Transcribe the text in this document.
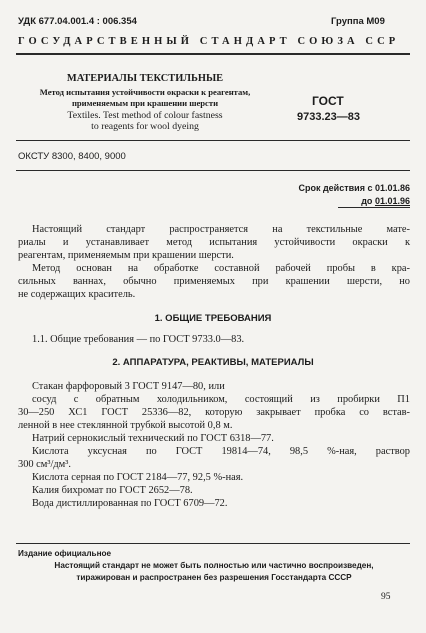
УДК 677.04.001.4 : 006.354	Группа М09
ГОСУДАРСТВЕННЫЙ СТАНДАРТ СОЮЗА ССР
МАТЕРИАЛЫ ТЕКСТИЛЬНЫЕ
Метод испытания устойчивости окраски к реагентам,
применяемым при крашении шерсти
Textiles. Test method of colour fastness
to reagents for wool dyeing
ГОСТ
9733.23—83
ОКСТУ 8300, 8400, 9000
Срок действия с 01.01.86
до 01.01.96
Настоящий стандарт распространяется на текстильные мате-
риалы и устанавливает метод испытания устойчивости окраски к
реагентам, применяемым при крашении шерсти.
Метод основан на обработке составной рабочей пробы в кра-
сильных ваннах, обычно применяемых при крашении шерсти, но
не содержащих краситель.
1. ОБЩИЕ ТРЕБОВАНИЯ
1.1. Общие требования — по ГОСТ 9733.0—83.
2. АППАРАТУРА, РЕАКТИВЫ, МАТЕРИАЛЫ
Стакан фарфоровый 3 ГОСТ 9147—80, или
сосуд с обратным холодильником, состоящий из пробирки П1
30—250 ХС1 ГОСТ 25336—82, которую закрывает пробка со встав-
ленной в нее стеклянной трубкой высотой 0,8 м.
Натрий сернокислый технический по ГОСТ 6318—77.
Кислота уксусная по ГОСТ 19814—74, 98,5 %-ная, раствор
300 см³/дм³.
Кислота серная по ГОСТ 2184—77, 92,5 %-ная.
Калия бихромат по ГОСТ 2652—78.
Вода дистиллированная по ГОСТ 6709—72.
Издание официальное
Настоящий стандарт не может быть полностью или частично воспроизведен,
тиражирован и распространен без разрешения Госстандарта СССР
95
